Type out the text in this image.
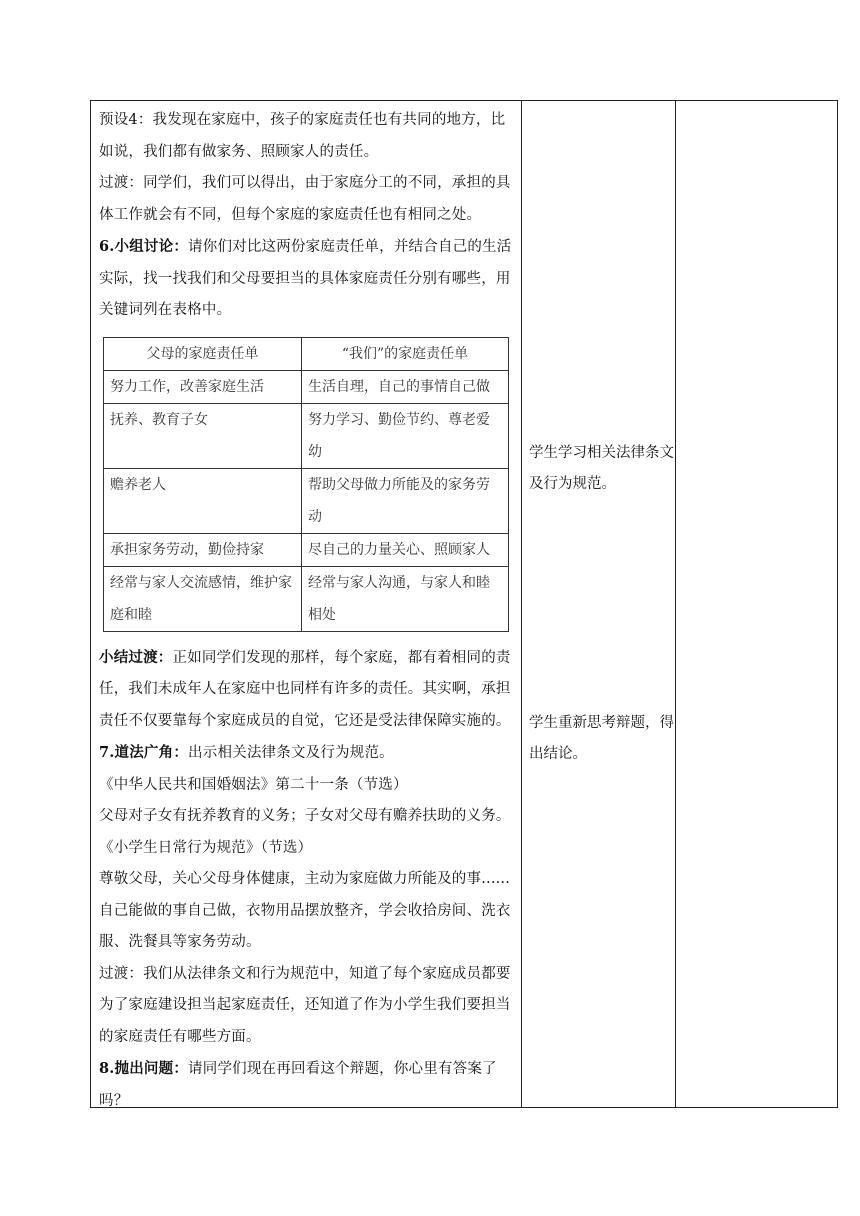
预设4：我发现在家庭中，孩子的家庭责任也有共同的地方，比如说，我们都有做家务、照顾家人的责任。

过渡：同学们，我们可以得出，由于家庭分工的不同，承担的具体工作就会有不同，但每个家庭的家庭责任也有相同之处。

6.小组讨论：请你们对比这两份家庭责任单，并结合自己的生活实际，找一找我们和父母要担当的具体家庭责任分别有哪些，用关键词列在表格中。

父母的家庭责任单	“我们”的家庭责任单
努力工作，改善家庭生活	生活自理，自己的事情自己做
抚养、教育子女	努力学习、勤俭节约、尊老爱幼
赡养老人	帮助父母做力所能及的家务劳动
承担家务劳动，勤俭持家	尽自己的力量关心、照顾家人
经常与家人交流感情，维护家庭和睦	经常与家人沟通，与家人和睦相处

小结过渡：正如同学们发现的那样，每个家庭，都有着相同的责任，我们未成年人在家庭中也同样有许多的责任。其实啊，承担责任不仅要靠每个家庭成员的自觉，它还是受法律保障实施的。

7.道法广角：出示相关法律条文及行为规范。

《中华人民共和国婚姻法》第二十一条（节选）

父母对子女有抚养教育的义务；子女对父母有赡养扶助的义务。

《小学生日常行为规范》（节选）

尊敬父母，关心父母身体健康，主动为家庭做力所能及的事......自己能做的事自己做，衣物用品摆放整齐，学会收拾房间、洗衣服、洗餐具等家务劳动。

过渡：我们从法律条文和行为规范中，知道了每个家庭成员都要为了家庭建设担当起家庭责任，还知道了作为小学生我们要担当的家庭责任有哪些方面。

8.抛出问题：请同学们现在再回看这个辩题，你心里有答案了吗？

学生学习相关法律条文及行为规范。
学生重新思考辩题，得出结论。
